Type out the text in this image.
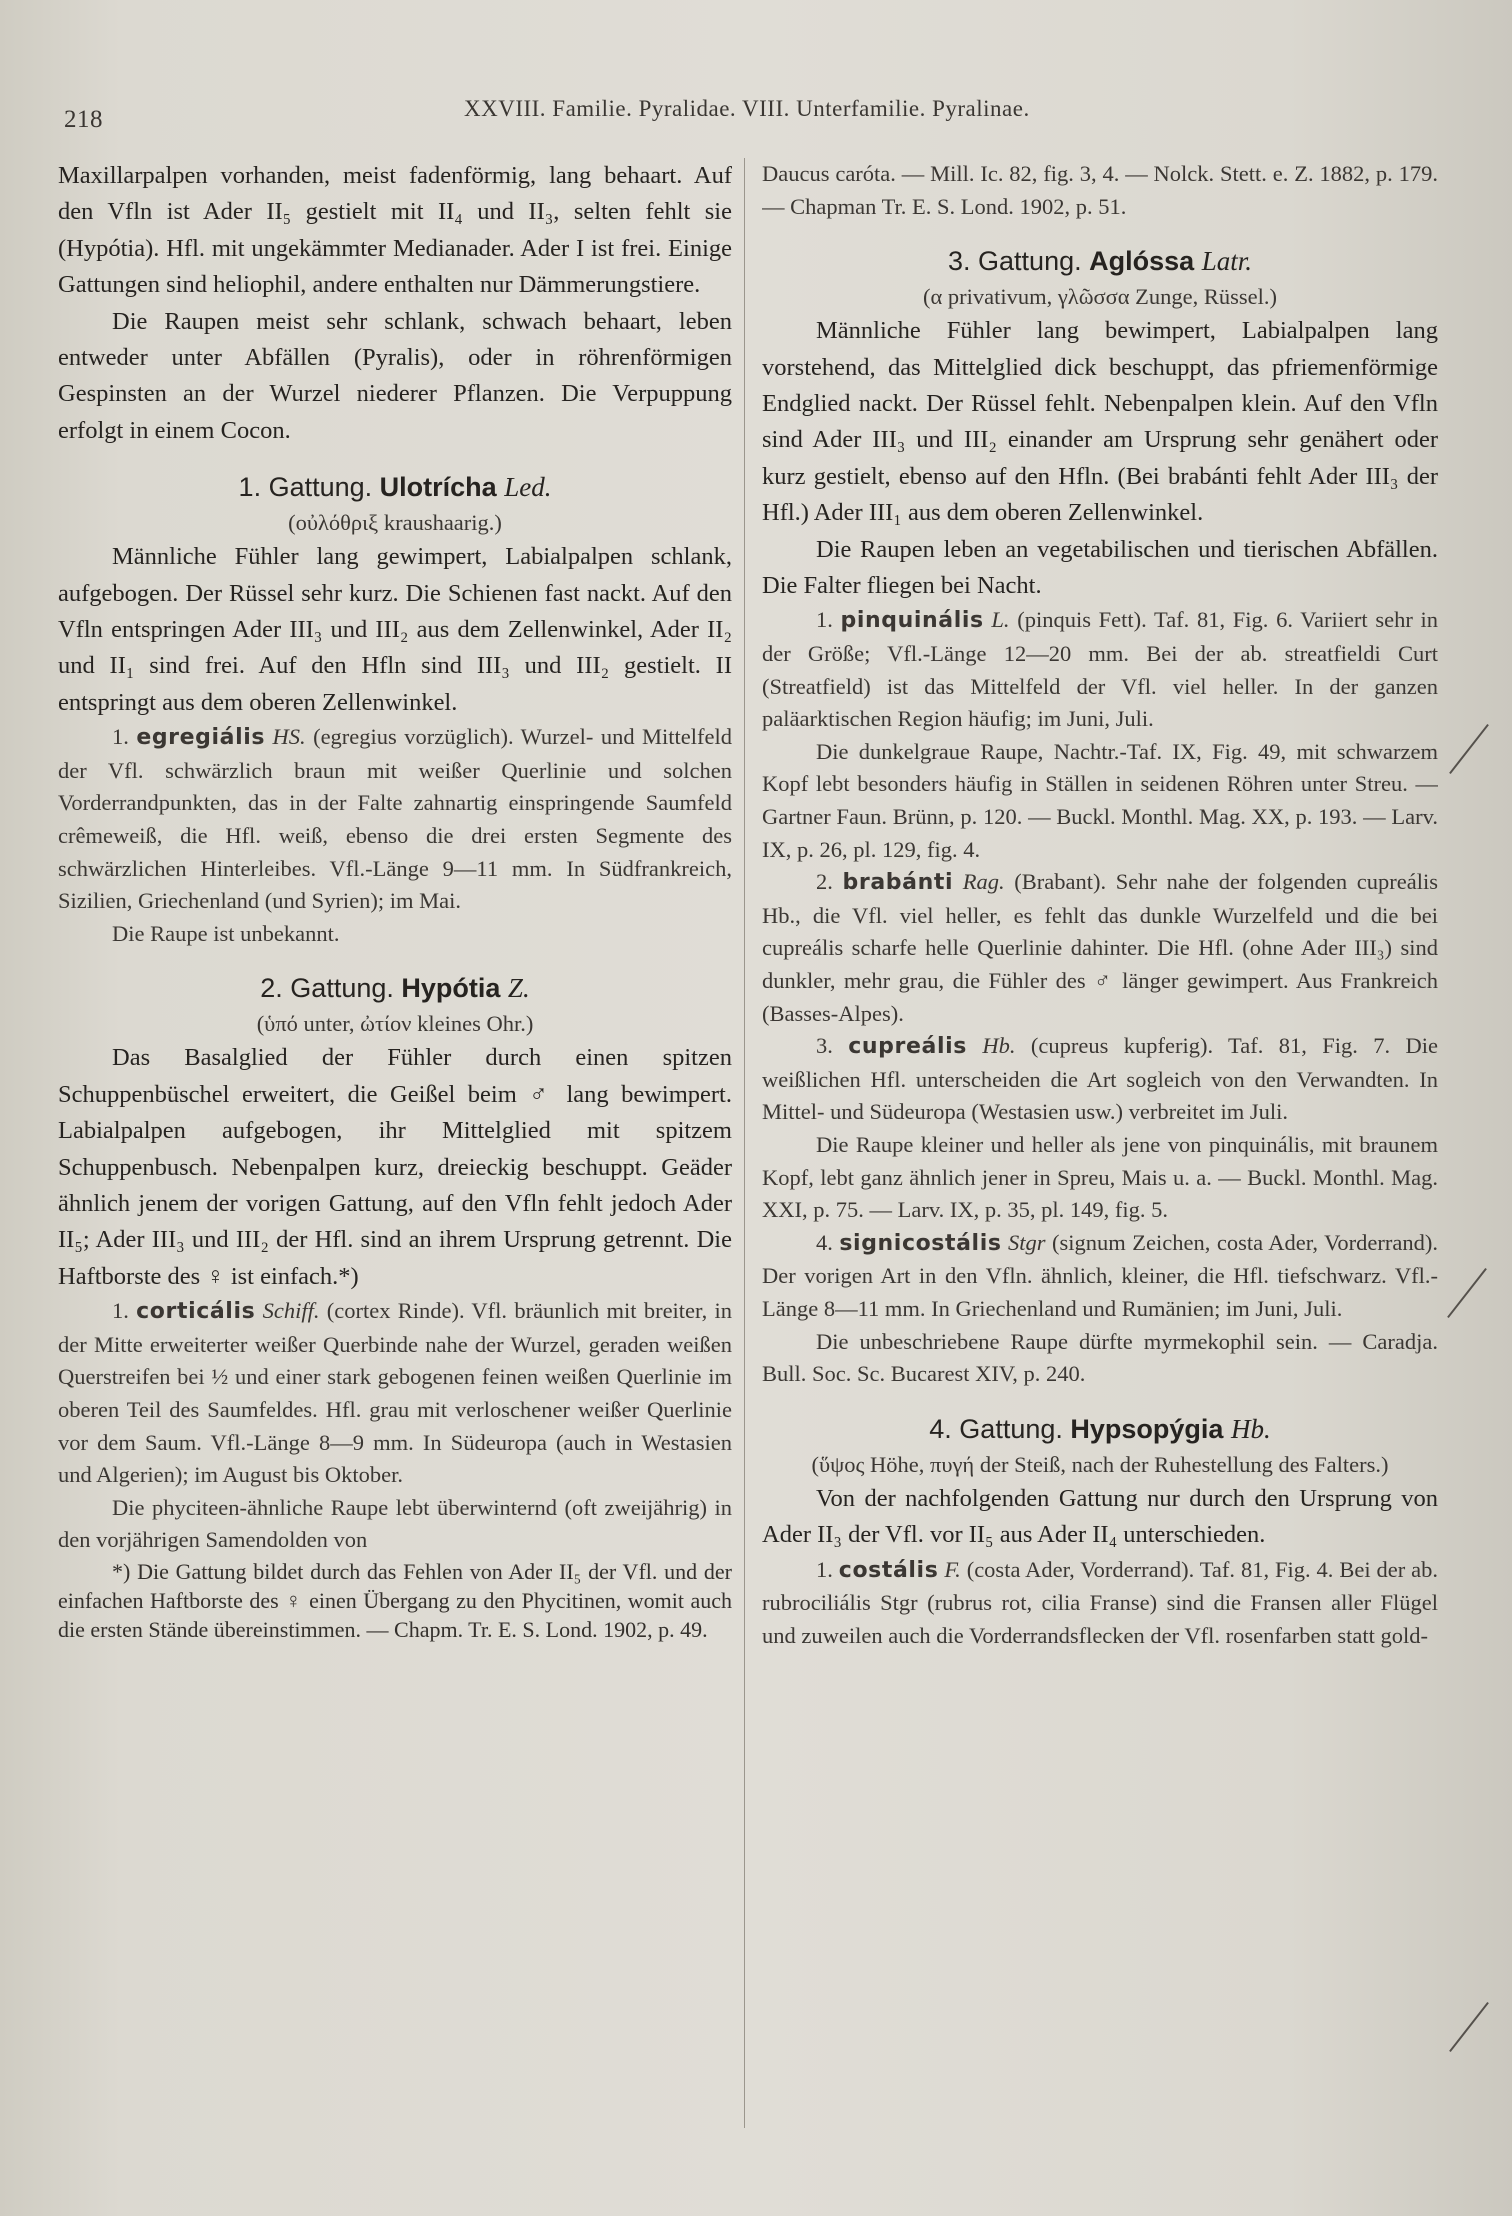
218	XXVIII. Familie. Pyralidae. VIII. Unterfamilie. Pyralinae.

Maxillarpalpen vorhanden, meist fadenförmig, lang behaart. Auf den Vfln ist Ader II₅ gestielt mit II₄ und II₃, selten fehlt sie (Hypótia). Hfl. mit ungekämmter Medianader. Ader I ist frei. Einige Gattungen sind heliophil, andere enthalten nur Dämmerungstiere.

Die Raupen meist sehr schlank, schwach behaart, leben entweder unter Abfällen (Pyralis), oder in röhrenförmigen Gespinsten an der Wurzel niederer Pflanzen. Die Verpuppung erfolgt in einem Cocon.

1. Gattung. Ulotrícha Led.

(οὐλόθριξ kraushaarig.)

Männliche Fühler lang gewimpert, Labialpalpen schlank, aufgebogen. Der Rüssel sehr kurz. Die Schienen fast nackt. Auf den Vfln entspringen Ader III₃ und III₂ aus dem Zellenwinkel, Ader II₂ und II₁ sind frei. Auf den Hfln sind III₃ und III₂ gestielt. II entspringt aus dem oberen Zellenwinkel.

1. egregiális HS. (egregius vorzüglich). Wurzel- und Mittelfeld der Vfl. schwärzlich braun mit weißer Querlinie und solchen Vorderrandpunkten, das in der Falte zahnartig einspringende Saumfeld crêmeweiß, die Hfl. weiß, ebenso die drei ersten Segmente des schwärzlichen Hinterleibes. Vfl.-Länge 9—11 mm. In Südfrankreich, Sizilien, Griechenland (und Syrien); im Mai.

Die Raupe ist unbekannt.

2. Gattung. Hypótia Z.

(ὑπό unter, ὠτίον kleines Ohr.)

Das Basalglied der Fühler durch einen spitzen Schuppenbüschel erweitert, die Geißel beim ♂ lang bewimpert. Labialpalpen aufgebogen, ihr Mittelglied mit spitzem Schuppenbusch. Nebenpalpen kurz, dreieckig beschuppt. Geäder ähnlich jenem der vorigen Gattung, auf den Vfln fehlt jedoch Ader II₅; Ader III₃ und III₂ der Hfl. sind an ihrem Ursprung getrennt. Die Haftborste des ♀ ist einfach.*)

1. corticális Schiff. (cortex Rinde). Vfl. bräunlich mit breiter, in der Mitte erweiterter weißer Querbinde nahe der Wurzel, geraden weißen Querstreifen bei ½ und einer stark gebogenen feinen weißen Querlinie im oberen Teil des Saumfeldes. Hfl. grau mit verloschener weißer Querlinie vor dem Saum. Vfl.-Länge 8—9 mm. In Südeuropa (auch in Westasien und Algerien); im August bis Oktober.

Die phyciteen-ähnliche Raupe lebt überwinternd (oft zweijährig) in den vorjährigen Samendolden von

*) Die Gattung bildet durch das Fehlen von Ader II₅ der Vfl. und der einfachen Haftborste des ♀ einen Übergang zu den Phycitinen, womit auch die ersten Stände übereinstimmen. — Chapm. Tr. E. S. Lond. 1902, p. 49.

Daucus caróta. — Mill. Ic. 82, fig. 3, 4. — Nolck. Stett. e. Z. 1882, p. 179. — Chapman Tr. E. S. Lond. 1902, p. 51.

3. Gattung. Aglóssa Latr.

(α privativum, γλῶσσα Zunge, Rüssel.)

Männliche Fühler lang bewimpert, Labialpalpen lang vorstehend, das Mittelglied dick beschuppt, das pfriemenförmige Endglied nackt. Der Rüssel fehlt. Nebenpalpen klein. Auf den Vfln sind Ader III₃ und III₂ einander am Ursprung sehr genähert oder kurz gestielt, ebenso auf den Hfln. (Bei brabánti fehlt Ader III₃ der Hfl.) Ader III₁ aus dem oberen Zellenwinkel.

Die Raupen leben an vegetabilischen und tierischen Abfällen. Die Falter fliegen bei Nacht.

1. pinquinális L. (pinquis Fett). Taf. 81, Fig. 6. Variiert sehr in der Größe; Vfl.-Länge 12—20 mm. Bei der ab. streatfieldi Curt (Streatfield) ist das Mittelfeld der Vfl. viel heller. In der ganzen paläarktischen Region häufig; im Juni, Juli.

Die dunkelgraue Raupe, Nachtr.-Taf. IX, Fig. 49, mit schwarzem Kopf lebt besonders häufig in Ställen in seidenen Röhren unter Streu. — Gartner Faun. Brünn, p. 120. — Buckl. Monthl. Mag. XX, p. 193. — Larv. IX, p. 26, pl. 129, fig. 4.

2. brabánti Rag. (Brabant). Sehr nahe der folgenden cupreális Hb., die Vfl. viel heller, es fehlt das dunkle Wurzelfeld und die bei cupreális scharfe helle Querlinie dahinter. Die Hfl. (ohne Ader III₃) sind dunkler, mehr grau, die Fühler des ♂ länger gewimpert. Aus Frankreich (Basses-Alpes).

3. cupreális Hb. (cupreus kupferig). Taf. 81, Fig. 7. Die weißlichen Hfl. unterscheiden die Art sogleich von den Verwandten. In Mittel- und Südeuropa (Westasien usw.) verbreitet im Juli.

Die Raupe kleiner und heller als jene von pinquinális, mit braunem Kopf, lebt ganz ähnlich jener in Spreu, Mais u. a. — Buckl. Monthl. Mag. XXI, p. 75. — Larv. IX, p. 35, pl. 149, fig. 5.

4. signicostális Stgr (signum Zeichen, costa Ader, Vorderrand). Der vorigen Art in den Vfln. ähnlich, kleiner, die Hfl. tiefschwarz. Vfl.-Länge 8—11 mm. In Griechenland und Rumänien; im Juni, Juli.

Die unbeschriebene Raupe dürfte myrmekophil sein. — Caradja. Bull. Soc. Sc. Bucarest XIV, p. 240.

4. Gattung. Hypsopýgia Hb.

(ὕψος Höhe, πυγή der Steiß, nach der Ruhestellung des Falters.)

Von der nachfolgenden Gattung nur durch den Ursprung von Ader II₃ der Vfl. vor II₅ aus Ader II₄ unterschieden.

1. costális F. (costa Ader, Vorderrand). Taf. 81, Fig. 4. Bei der ab. rubrociliális Stgr (rubrus rot, cilia Franse) sind die Fransen aller Flügel und zuweilen auch die Vorderrandsflecken der Vfl. rosenfarben statt gold-
